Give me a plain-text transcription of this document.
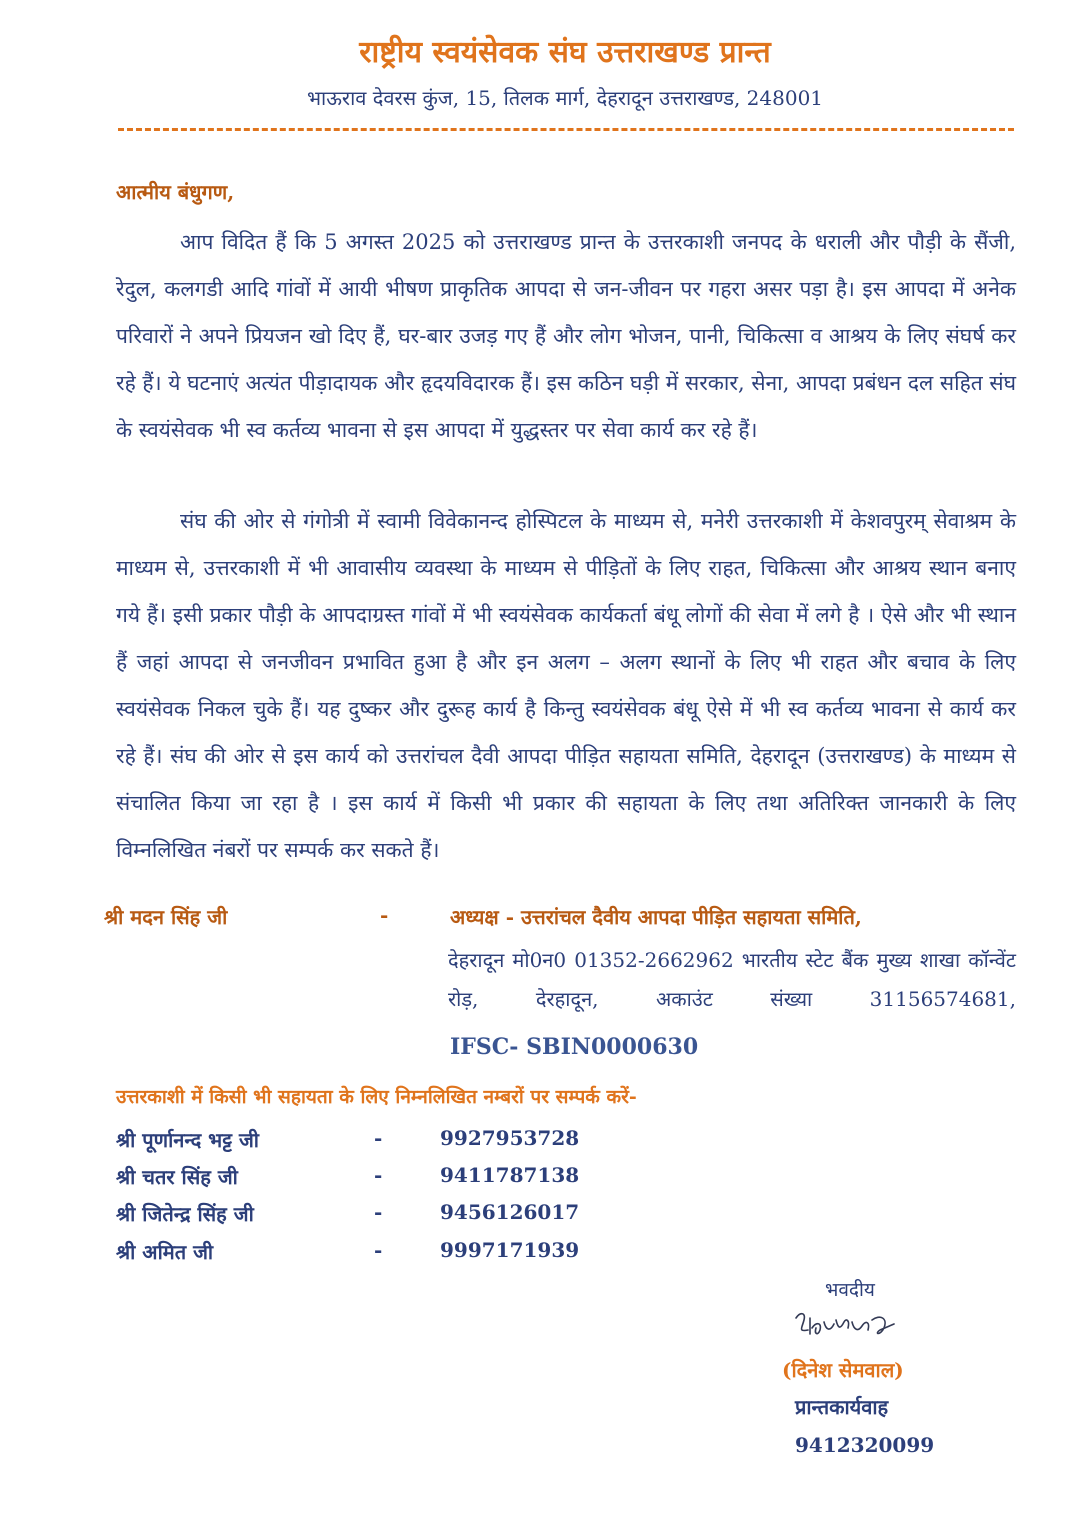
राष्ट्रीय स्वयंसेवक संघ उत्तराखण्ड प्रान्त
भाऊराव देवरस कुंज, 15, तिलक मार्ग, देहरादून उत्तराखण्ड, 248001
आत्मीय बंधुगण,

आप विदित हैं कि 5 अगस्त 2025 को उत्तराखण्ड प्रान्त के उत्तरकाशी जनपद के धराली और पौड़ी के सैंजी, रेदुल, कलगडी आदि गांवों में आयी भीषण प्राकृतिक आपदा से जन-जीवन पर गहरा असर पड़ा है। इस आपदा में अनेक परिवारों ने अपने प्रियजन खो दिए हैं, घर-बार उजड़ गए हैं और लोग भोजन, पानी, चिकित्सा व आश्रय के लिए संघर्ष कर रहे हैं। ये घटनाएं अत्यंत पीड़ादायक और हृदयविदारक हैं। इस कठिन घड़ी में सरकार, सेना, आपदा प्रबंधन दल सहित संघ के स्वयंसेवक भी स्व कर्तव्य भावना से इस आपदा में युद्धस्तर पर सेवा कार्य कर रहे हैं।

संघ की ओर से गंगोत्री में स्वामी विवेकानन्द होस्पिटल के माध्यम से, मनेरी उत्तरकाशी में केशवपुरम् सेवाश्रम के माध्यम से, उत्तरकाशी में भी आवासीय व्यवस्था के माध्यम से पीड़ितों के लिए राहत, चिकित्सा और आश्रय स्थान बनाए गये हैं। इसी प्रकार पौड़ी के आपदाग्रस्त गांवों में भी स्वयंसेवक कार्यकर्ता बंधू लोगों की सेवा में लगे है । ऐसे और भी स्थान हैं जहां आपदा से जनजीवन प्रभावित हुआ है और इन अलग – अलग स्थानों के लिए भी राहत और बचाव के लिए स्वयंसेवक निकल चुके हैं। यह दुष्कर और दुरूह कार्य है किन्तु स्वयंसेवक बंधू ऐसे में भी स्व कर्तव्य भावना से कार्य कर रहे हैं। संघ की ओर से इस कार्य को उत्तरांचल दैवी आपदा पीड़ित सहायता समिति, देहरादून (उत्तराखण्ड) के माध्यम से संचालित किया जा रहा है । इस कार्य में किसी भी प्रकार की सहायता के लिए तथा अतिरिक्त जानकारी के लिए विम्नलिखित नंबरों पर सम्पर्क कर सकते हैं।

श्री मदन सिंह जी	-	अध्यक्ष - उत्तरांचल दैवीय आपदा पीड़ित सहायता समिति,

देहरादून मो0न0 01352-2662962 भारतीय स्टेट बैंक मुख्य शाखा कॉन्वेंट रोड़, देरहादून, अकाउंट संख्या 31156574681,

IFSC- SBIN0000630
उत्तरकाशी में किसी भी सहायता के लिए निम्नलिखित नम्बरों पर सम्पर्क करें-
श्री पूर्णानन्द भट्ट जी	-	9927953728
श्री चतर सिंह जी	-	9411787138
श्री जितेन्द्र सिंह जी	-	9456126017
श्री अमित जी	-	9997171939
भवदीय
(दिनेश सेमवाल)
प्रान्तकार्यवाह
9412320099
